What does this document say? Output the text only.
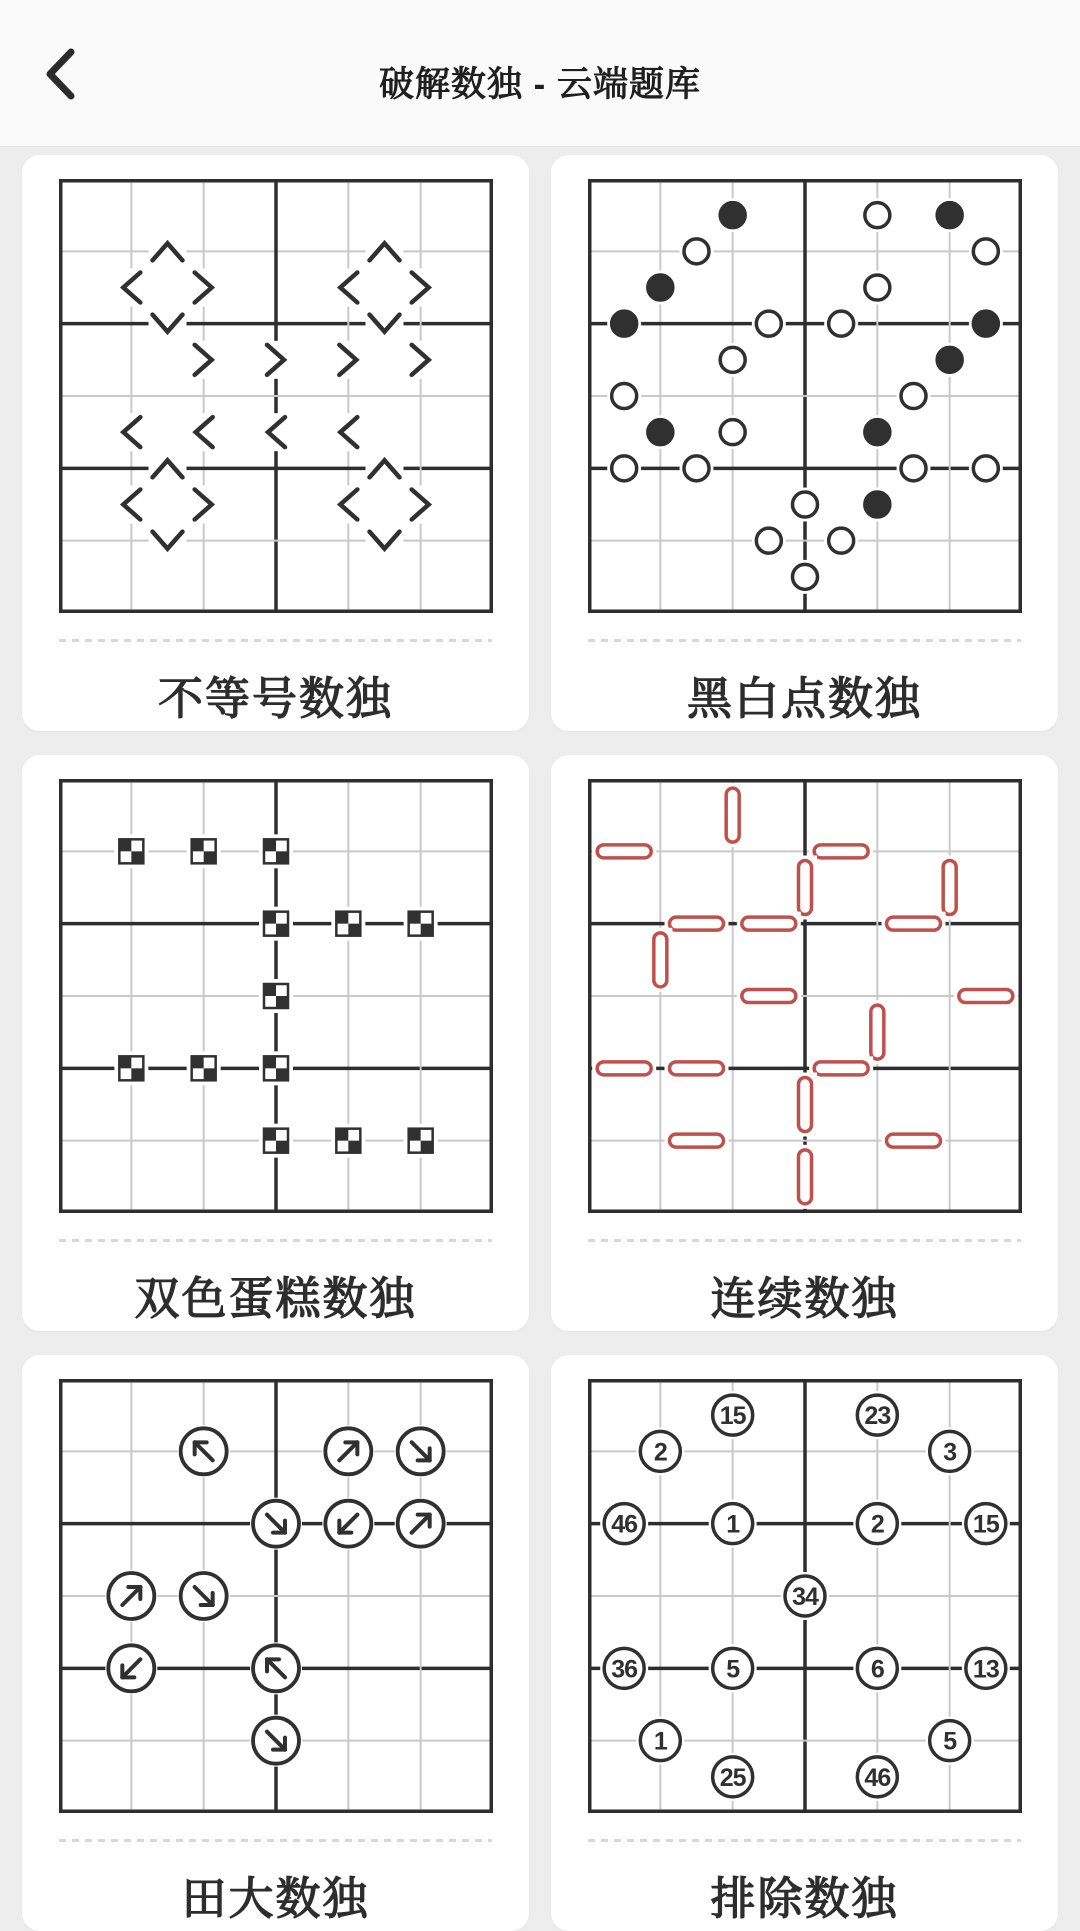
破解数独 - 云端题库
不等号数独	黑白点数独
双色蛋糕数独	连续数独
田大数独
15	23
2	3
46	1	2	15
34
36	5	6	13
1	5
25	46
排除数独
